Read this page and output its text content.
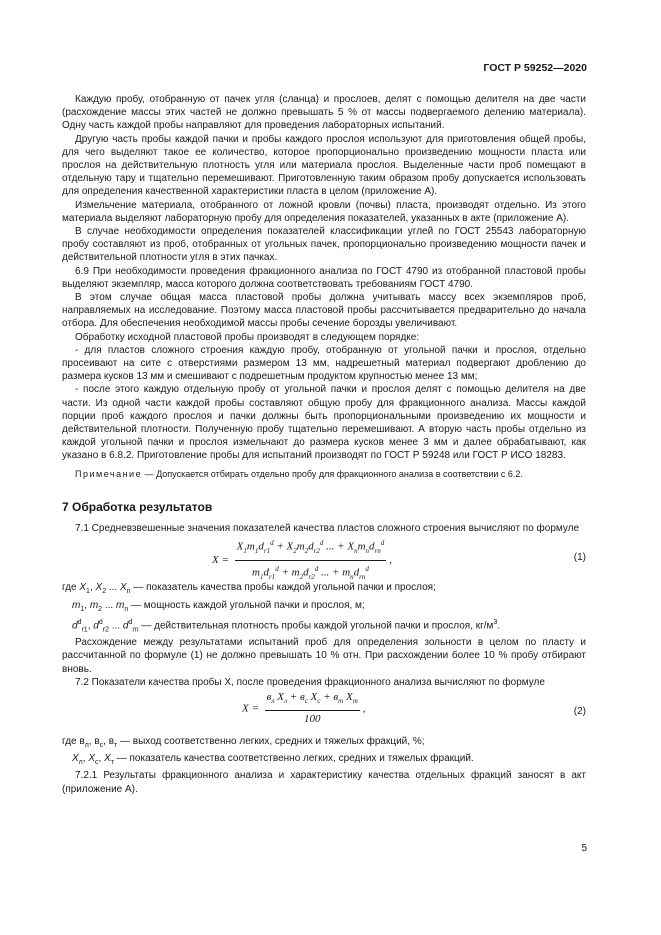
ГОСТ Р 59252—2020

Каждую пробу, отобранную от пачек угля (сланца) и прослоев, делят с помощью делителя на две части (расхождение массы этих частей не должно превышать 5 % от массы подвергаемого делению материала). Одну часть каждой пробы направляют для проведения лабораторных испытаний.

Другую часть пробы каждой пачки и пробы каждого прослоя используют для приготовления общей пробы, для чего выделяют такое ее количество, которое пропорционально произведению мощности пласта или прослоя на действительную плотность угля или материала прослоя. Выделенные части проб помещают в отдельную тару и тщательно перемешивают. Приготовленную таким образом пробу допускается использовать для определения качественной характеристики пласта в целом (приложение А).

Измельчение материала, отобранного от ложной кровли (почвы) пласта, производят отдельно. Из этого материала выделяют лабораторную пробу для определения показателей, указанных в акте (приложение А).

В случае необходимости определения показателей классификации углей по ГОСТ 25543 лабораторную пробу составляют из проб, отобранных от угольных пачек, пропорционально произведению мощности пачек и действительной плотности угля в этих пачках.

6.9 При необходимости проведения фракционного анализа по ГОСТ 4790 из отобранной пластовой пробы выделяют экземпляр, масса которого должна соответствовать требованиям ГОСТ 4790.

В этом случае общая масса пластовой пробы должна учитывать массу всех экземпляров проб, направляемых на исследование. Поэтому масса пластовой пробы рассчитывается предварительно до начала отбора. Для обеспечения необходимой массы пробы сечение борозды увеличивают.

Обработку исходной пластовой пробы производят в следующем порядке:

- для пластов сложного строения каждую пробу, отобранную от угольной пачки и прослоя, отдельно просеивают на сите с отверстиями размером 13 мм, надрешетный материал подвергают дроблению до размера кусков 13 мм и смешивают с подрешетным продуктом крупностью менее 13 мм;

- после этого каждую отдельную пробу от угольной пачки и прослоя делят с помощью делителя на две части. Из одной части каждой пробы составляют общую пробу для фракционного анализа. Массы каждой порции проб каждого прослоя и пачки должны быть пропорциональными произведению их мощности и действительной плотности. Полученную пробу тщательно перемешивают. А вторую часть пробы отдельно из каждой угольной пачки и прослоя измельчают до размера кусков менее 3 мм и далее обрабатывают, как указано в 6.8.2. Приготовление пробы для испытаний производят по ГОСТ Р 59248 или ГОСТ Р ИСО 18283.

Примечание — Допускается отбирать отдельно пробу для фракционного анализа в соответствии с 6.2.

7 Обработка результатов

7.1 Средневзвешенные значения показателей качества пластов сложного строения вычисляют по формуле

$X = \frac{X_1m_1d_{r1}^d + X_2m_2d_{r2}^d ... + X_nm_nd_{rn}^d}{m_1d_{r1}^d + m_2d_{r2}^d ... + m_nd_{rn}^d}$ ,	(1)

где $X_1$, $X_2$ ... $X_n$ — показатель качества пробы каждой угольной пачки и прослоя;

$m_1$, $m_2$ ... $m_n$ — мощность каждой угольной пачки и прослоя, м;

$d^d_{r1}$, $d^d_{r2}$ ... $d^d_{rn}$ — действительная плотность пробы каждой угольной пачки и прослоя, $кг/м^3$.

Расхождение между результатами испытаний проб для определения зольности в целом по пласту и рассчитанной по формуле (1) не должно превышать 10 % отн. При расхождении более 10 % пробу отбирают вновь.

7.2 Показатели качества пробы X, после проведения фракционного анализа вычисляют по формуле

$X = \frac{в_л X_л + в_с X_с + в_т X_т}{100}$ ,	(2)

где $в_л$, $в_с$, $в_т$ — выход соответственно легких, средних и тяжелых фракций, %;

$X_л$, $X_с$, $X_т$ — показатель качества соответственно легких, средних и тяжелых фракций.

7.2.1 Результаты фракционного анализа и характеристику качества отдельных фракций заносят в акт (приложение А).

5
